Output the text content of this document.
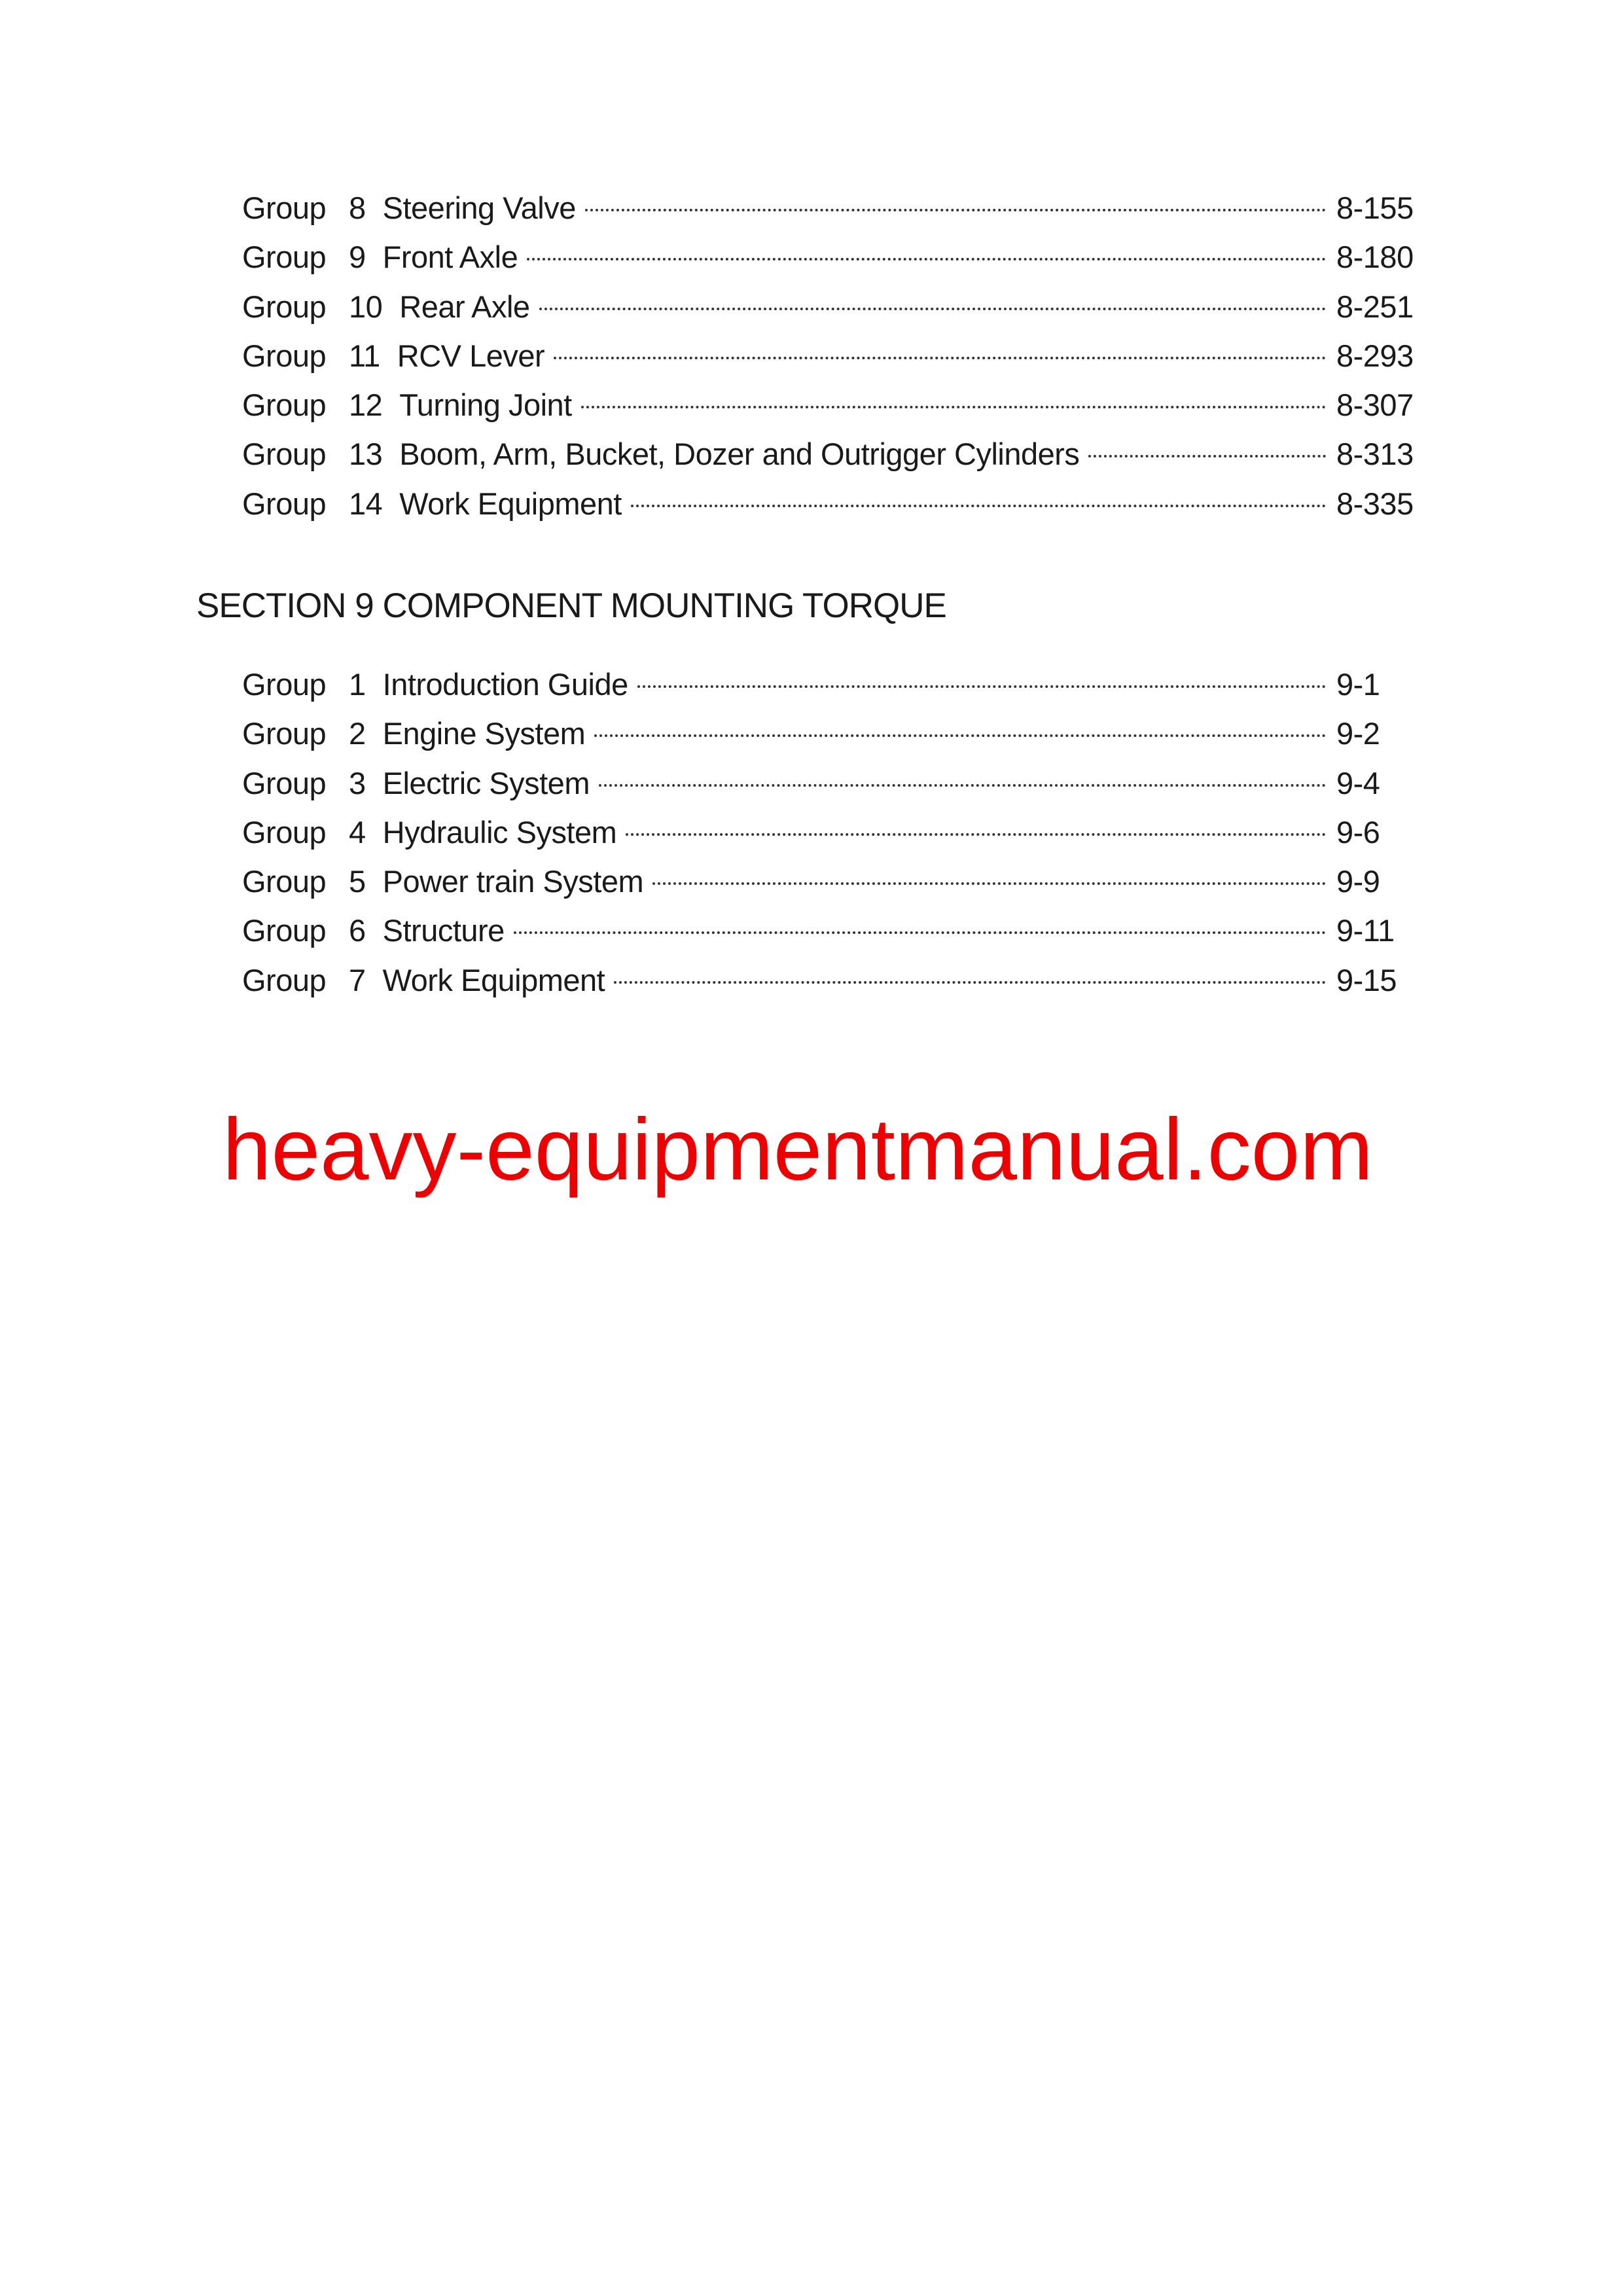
Group 8 Steering Valve	8-155
Group 9 Front Axle	8-180
Group 10 Rear Axle	8-251
Group 11 RCV Lever	8-293
Group 12 Turning Joint	8-307
Group 13 Boom, Arm, Bucket, Dozer and Outrigger Cylinders	8-313
Group 14 Work Equipment	8-335
SECTION 9 COMPONENT MOUNTING TORQUE
Group 1 Introduction Guide	9-1
Group 2 Engine System	9-2
Group 3 Electric System	9-4
Group 4 Hydraulic System	9-6
Group 5 Power train System	9-9
Group 6 Structure	9-11
Group 7 Work Equipment	9-15
heavy-equipmentmanual.com
